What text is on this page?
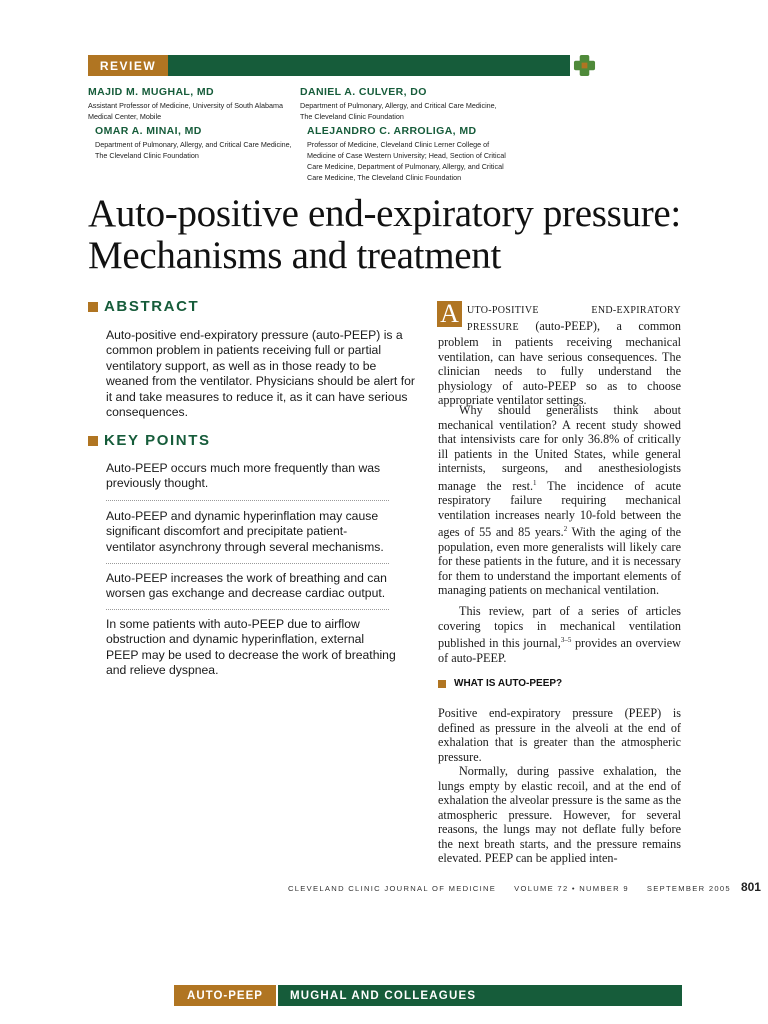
REVIEW
MAJID M. MUGHAL, MD
Assistant Professor of Medicine, University of South Alabama
Medical Center, Mobile
DANIEL A. CULVER, DO
Department of Pulmonary, Allergy, and Critical Care Medicine,
The Cleveland Clinic Foundation
OMAR A. MINAI, MD
Department of Pulmonary, Allergy, and Critical Care Medicine,
The Cleveland Clinic Foundation
ALEJANDRO C. ARROLIGA, MD
Professor of Medicine, Cleveland Clinic Lerner College of
Medicine of Case Western University; Head, Section of Critical
Care Medicine, Department of Pulmonary, Allergy, and Critical
Care Medicine, The Cleveland Clinic Foundation
Auto-positive end-expiratory pressure:
Mechanisms and treatment
ABSTRACT
Auto-positive end-expiratory pressure (auto-PEEP) is a common problem in patients receiving full or partial ventilatory support, as well as in those ready to be weaned from the ventilator. Physicians should be alert for it and take measures to reduce it, as it can have serious consequences.
KEY POINTS
Auto-PEEP occurs much more frequently than was previously thought.
Auto-PEEP and dynamic hyperinflation may cause significant discomfort and precipitate patient-ventilator asynchrony through several mechanisms.
Auto-PEEP increases the work of breathing and can worsen gas exchange and decrease cardiac output.
In some patients with auto-PEEP due to airflow obstruction and dynamic hyperinflation, external PEEP may be used to decrease the work of breathing and relieve dyspnea.
A UTO-POSITIVE END-EXPIRATORY PRESSURE (auto-PEEP), a common problem in patients receiving mechanical ventilation, can have serious consequences. The clinician needs to fully understand the physiology of auto-PEEP so as to choose appropriate ventilator settings.
Why should generalists think about mechanical ventilation? A recent study showed that intensivists care for only 36.8% of critically ill patients in the United States, while general internists, surgeons, and anesthesiologists manage the rest.$^1$ The incidence of acute respiratory failure requiring mechanical ventilation increases nearly 10-fold between the ages of 55 and 85 years.$^2$ With the aging of the population, even more generalists will likely care for these patients in the future, and it is necessary for them to understand the important elements of managing patients on mechanical ventilation.
This review, part of a series of articles covering topics in mechanical ventilation published in this journal,$^{3-5}$ provides an overview of auto-PEEP.
WHAT IS AUTO-PEEP?
Positive end-expiratory pressure (PEEP) is defined as pressure in the alveoli at the end of exhalation that is greater than the atmospheric pressure.
Normally, during passive exhalation, the lungs empty by elastic recoil, and at the end of exhalation the alveolar pressure is the same as the atmospheric pressure. However, for several reasons, the lungs may not deflate fully before the next breath starts, and the pressure remains elevated. PEEP can be applied inten-
CLEVELAND CLINIC JOURNAL OF MEDICINE VOLUME 72 • NUMBER 9 SEPTEMBER 2005 801
AUTO-PEEP	MUGHAL AND COLLEAGUES
